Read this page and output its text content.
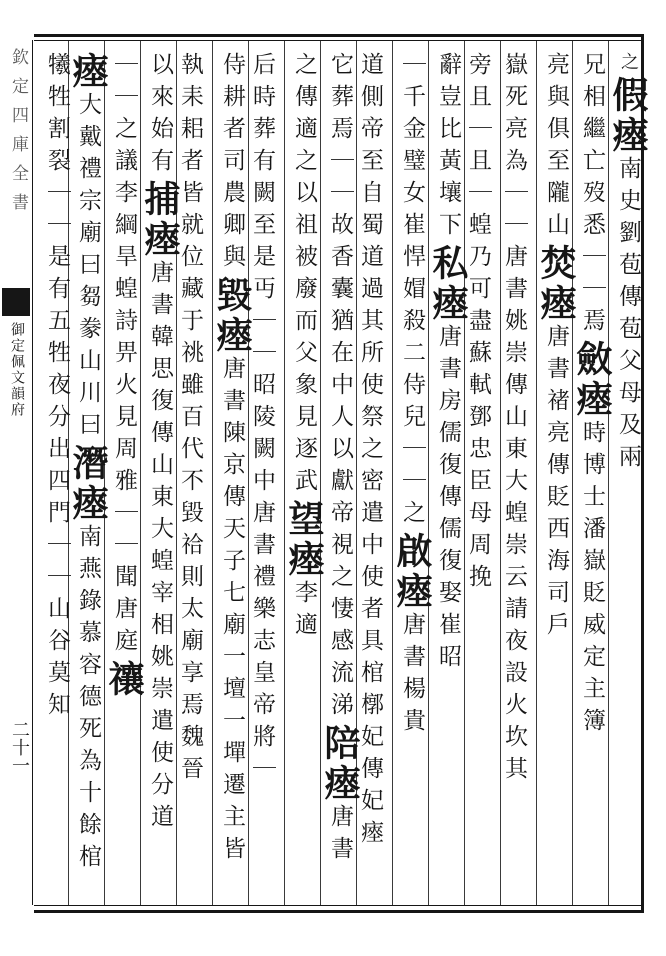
欽定四庫全書
御定佩文韻府
二十一
之假瘞南史劉苞傳苞父母及兩
兄相繼亡歿悉｜｜焉斂瘞時博士潘嶽貶威定主簿
亮與俱至隴山焚瘞唐書禇亮傳貶西海司戶
嶽死亮為｜｜唐書姚崇傳山東大蝗崇云請夜設火坎其
旁且｜且｜蝗乃可盡蘇軾鄧忠臣母周挽
辭豈比黃壤下私瘞唐書房儒復傳儒復娶崔昭
｜千金璧女崔悍媢殺二侍兒｜｜之啟瘞唐書楊貴
道側帝至自蜀道過其所使祭之密遣中使者具棺槨妃傳妃瘞
它葬焉｜｜故香囊猶在中人以獻帝視之悽感流涕陪瘞唐書
之傳適之以祖被廢而父象見逐武望瘞李適
后時葬有闕至是丏｜｜昭陵闕中唐書禮樂志皇帝將｜
侍耕者司農卿與毀瘞唐書陳京傳天子七廟一壇一墠遷主皆
執耒耜者皆就位藏于祧雖百代不毀祫則太廟享焉魏晉
以來始有捕瘞唐書韓思復傳山東大蝗宰相姚崇遣使分道
｜｜之議李綱旱蝗詩畀火見周雅｜｜聞唐庭禳
瘞大戴禮宗廟曰芻豢山川曰潛瘞南燕錄慕容德死為十餘棺
犧牲割裂｜｜是有五牲夜分出四門｜｜山谷莫知
